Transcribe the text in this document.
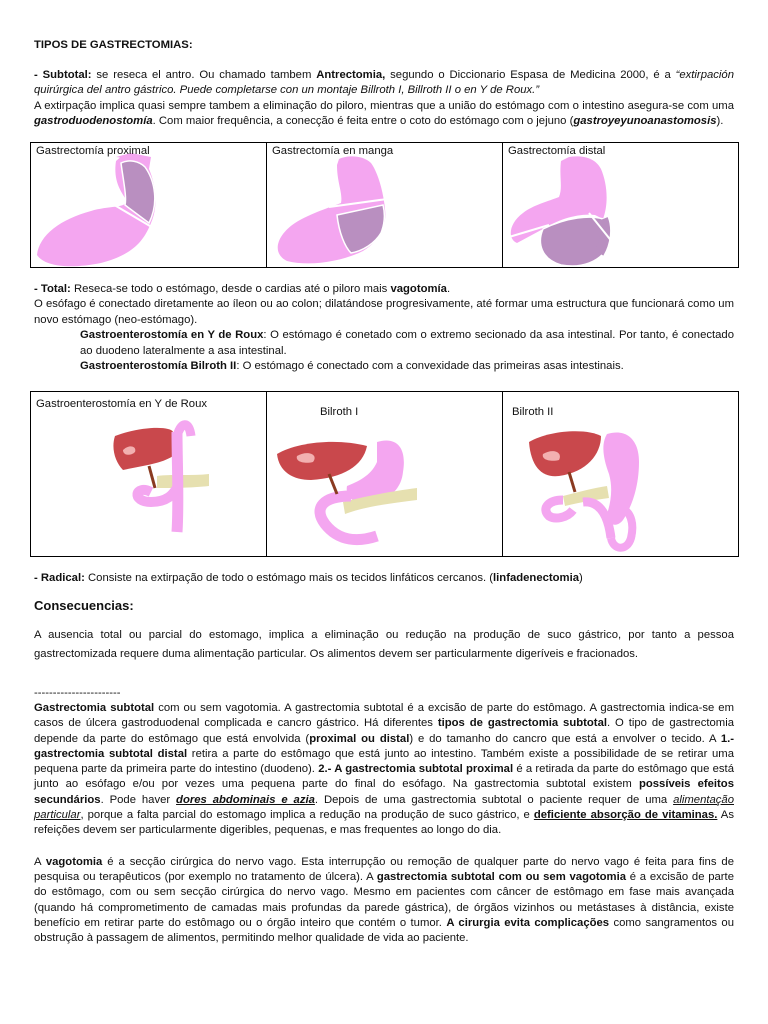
TIPOS DE GASTRECTOMIAS:

- Subtotal: se reseca el antro. Ou chamado tambem Antrectomia, segundo o Diccionario Espasa de Medicina 2000, é a “extirpación quirúrgica del antro gástrico. Puede completarse con un montaje Billroth I, Billroth II o en Y de Roux.”

A extirpação implica quasi sempre tambem a eliminação do piloro, mientras que a união do estómago com o intestino asegura-se com uma gastroduodenostomía. Com maior frequência, a conecção é feita entre o coto do estómago com o jejuno (gastroyeyunoanastomosis).

Gastrectomía proximal	Gastrectomía en manga	Gastrectomía distal

- Total: Reseca-se todo o estómago, desde o cardias até o piloro mais vagotomía.

O esófago é conectado diretamente ao íleon ou ao colon; dilatándose progresivamente, até formar uma estructura que funcionará como um novo estómago (neo-estómago).

Gastroenterostomía en Y de Roux: O estómago é conetado com o extremo secionado da asa intestinal. Por tanto, é conectado ao duodeno lateralmente a asa intestinal.

Gastroenterostomía Bilroth II: O estómago é conectado com a convexidade das primeiras asas intestinais.

Gastroenterostomía en Y de Roux

Bilroth I	Bilroth II

- Radical: Consiste na extirpação de todo o estómago mais os tecidos linfáticos cercanos. (linfadenectomia)

Consecuencias:

A ausencia total ou parcial do estomago, implica a eliminação ou redução na produção de suco gástrico, por tanto a pessoa gastrectomizada requere duma alimentação particular. Os alimentos devem ser particularmente digeríveis e fracionados.

-----------------------

Gastrectomia subtotal com ou sem vagotomia. A gastrectomia subtotal é a excisão de parte do estômago. A gastrectomia indica-se em casos de úlcera gastroduodenal complicada e cancro gástrico. Há diferentes tipos de gastrectomia subtotal. O tipo de gastrectomia depende da parte do estômago que está envolvida (proximal ou distal) e do tamanho do cancro que está a envolver o tecido. A 1.- gastrectomia subtotal distal retira a parte do estômago que está junto ao intestino. Também existe a possibilidade de se retirar uma pequena parte da primeira parte do intestino (duodeno). 2.- A gastrectomia subtotal proximal é a retirada da parte do estômago que está junto ao esófago e/ou por vezes uma pequena parte do final do esófago. Na gastrectomia subtotal existem possíveis efeitos secundários. Pode haver dores abdominais e azia. Depois de uma gastrectomia subtotal o paciente requer de uma alimentação particular, porque a falta parcial do estomago implica a redução na produção de suco gástrico, e deficiente absorção de vitaminas. As refeições devem ser particularmente digeribles, pequenas, e mas frequentes ao longo do dia.

A vagotomia é a secção cirúrgica do nervo vago. Esta interrupção ou remoção de qualquer parte do nervo vago é feita para fins de pesquisa ou terapêuticos (por exemplo no tratamento de úlcera). A gastrectomia subtotal com ou sem vagotomia é a excisão de parte do estômago, com ou sem secção cirúrgica do nervo vago. Mesmo em pacientes com câncer de estômago em fase mais avançada (quando há comprometimento de camadas mais profundas da parede gástrica), de órgãos vizinhos ou metástases à distância, existe benefício em retirar parte do estômago ou o órgão inteiro que contém o tumor. A cirurgia evita complicações como sangramentos ou obstrução à passagem de alimentos, permitindo melhor qualidade de vida ao paciente.
